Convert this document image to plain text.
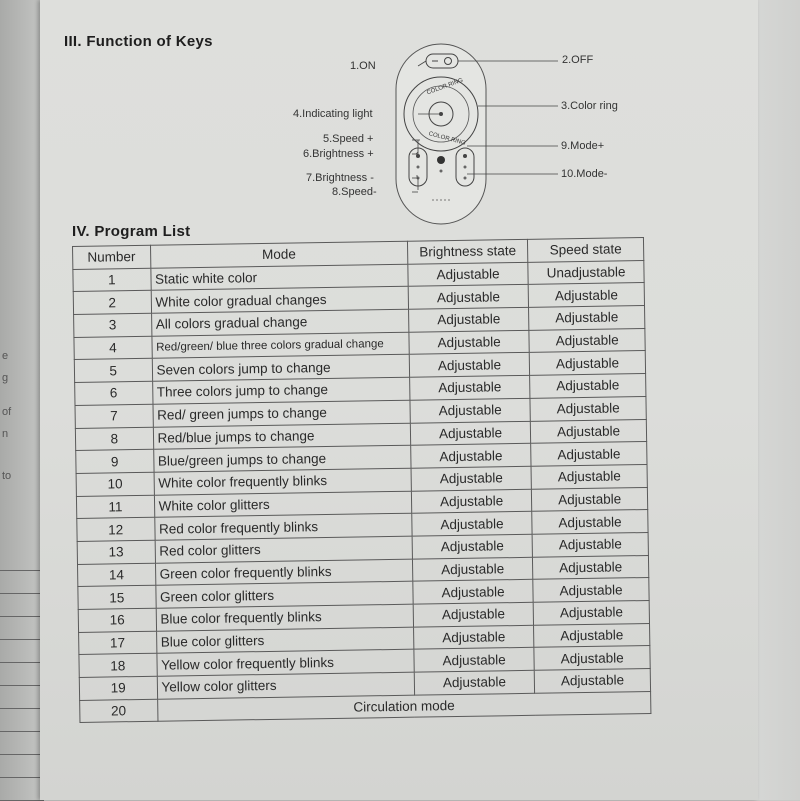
e
g
of
n
to
III. Function of Keys
1.ON	2.OFF
3.Color ring
4.Indicating light
5.Speed +
6.Brightness +
7.Brightness -
8.Speed-
9.Mode+
10.Mode-
COLOR RING
COLOR RING
IV. Program List
Number	Mode	Brightness state	Speed state
1	Static white color	Adjustable	Unadjustable
2	White color gradual changes	Adjustable	Adjustable
3	All colors gradual change	Adjustable	Adjustable
4	Red/green/ blue three colors gradual change	Adjustable	Adjustable
5	Seven colors jump to change	Adjustable	Adjustable
6	Three colors jump to change	Adjustable	Adjustable
7	Red/ green jumps to change	Adjustable	Adjustable
8	Red/blue jumps to change	Adjustable	Adjustable
9	Blue/green jumps to change	Adjustable	Adjustable
10	White color frequently blinks	Adjustable	Adjustable
11	White color glitters	Adjustable	Adjustable
12	Red color frequently blinks	Adjustable	Adjustable
13	Red color glitters	Adjustable	Adjustable
14	Green color frequently blinks	Adjustable	Adjustable
15	Green color glitters	Adjustable	Adjustable
16	Blue color frequently blinks	Adjustable	Adjustable
17	Blue color glitters	Adjustable	Adjustable
18	Yellow color frequently blinks	Adjustable	Adjustable
19	Yellow color glitters	Adjustable	Adjustable
20	Circulation mode		
